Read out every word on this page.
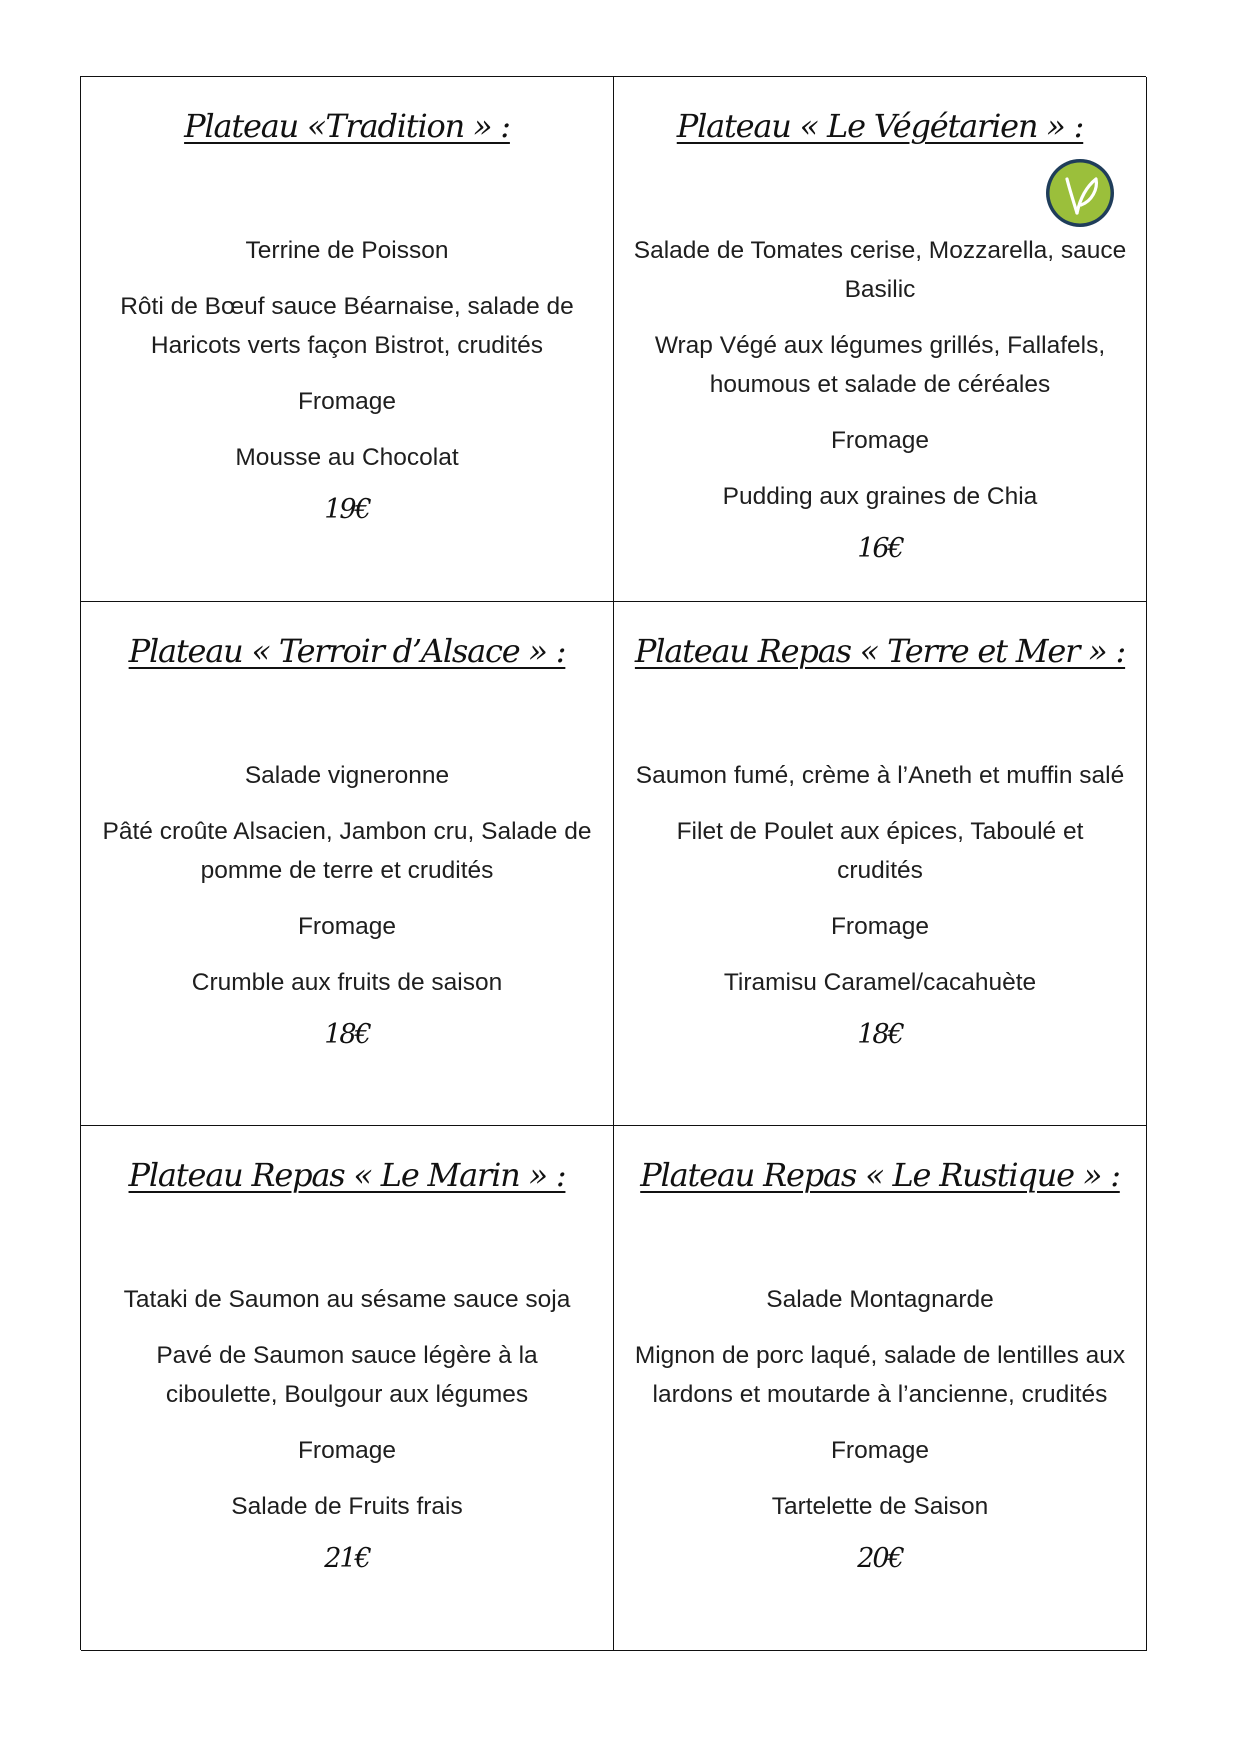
Plateau «Tradition » :

Terrine de Poisson

Rôti de Bœuf sauce Béarnaise, salade de Haricots verts façon Bistrot, crudités

Fromage

Mousse au Chocolat

19€

Plateau « Le Végétarien » :

Salade de Tomates cerise, Mozzarella, sauce Basilic

Wrap Végé aux légumes grillés, Fallafels, houmous et salade de céréales

Fromage

Pudding aux graines de Chia

16€

Plateau « Terroir d’Alsace » :

Salade vigneronne

Pâté croûte Alsacien, Jambon cru, Salade de pomme de terre et crudités

Fromage

Crumble aux fruits de saison

18€

Plateau Repas « Terre et Mer » :

Saumon fumé, crème à l’Aneth et muffin salé

Filet de Poulet aux épices, Taboulé et crudités

Fromage

Tiramisu Caramel/cacahuète

18€

Plateau Repas « Le Marin » :

Tataki de Saumon au sésame sauce soja

Pavé de Saumon sauce légère à la ciboulette, Boulgour aux légumes

Fromage

Salade de Fruits frais

21€

Plateau Repas « Le Rustique » :

Salade Montagnarde

Mignon de porc laqué, salade de lentilles aux lardons et moutarde à l’ancienne, crudités

Fromage

Tartelette de Saison

20€
